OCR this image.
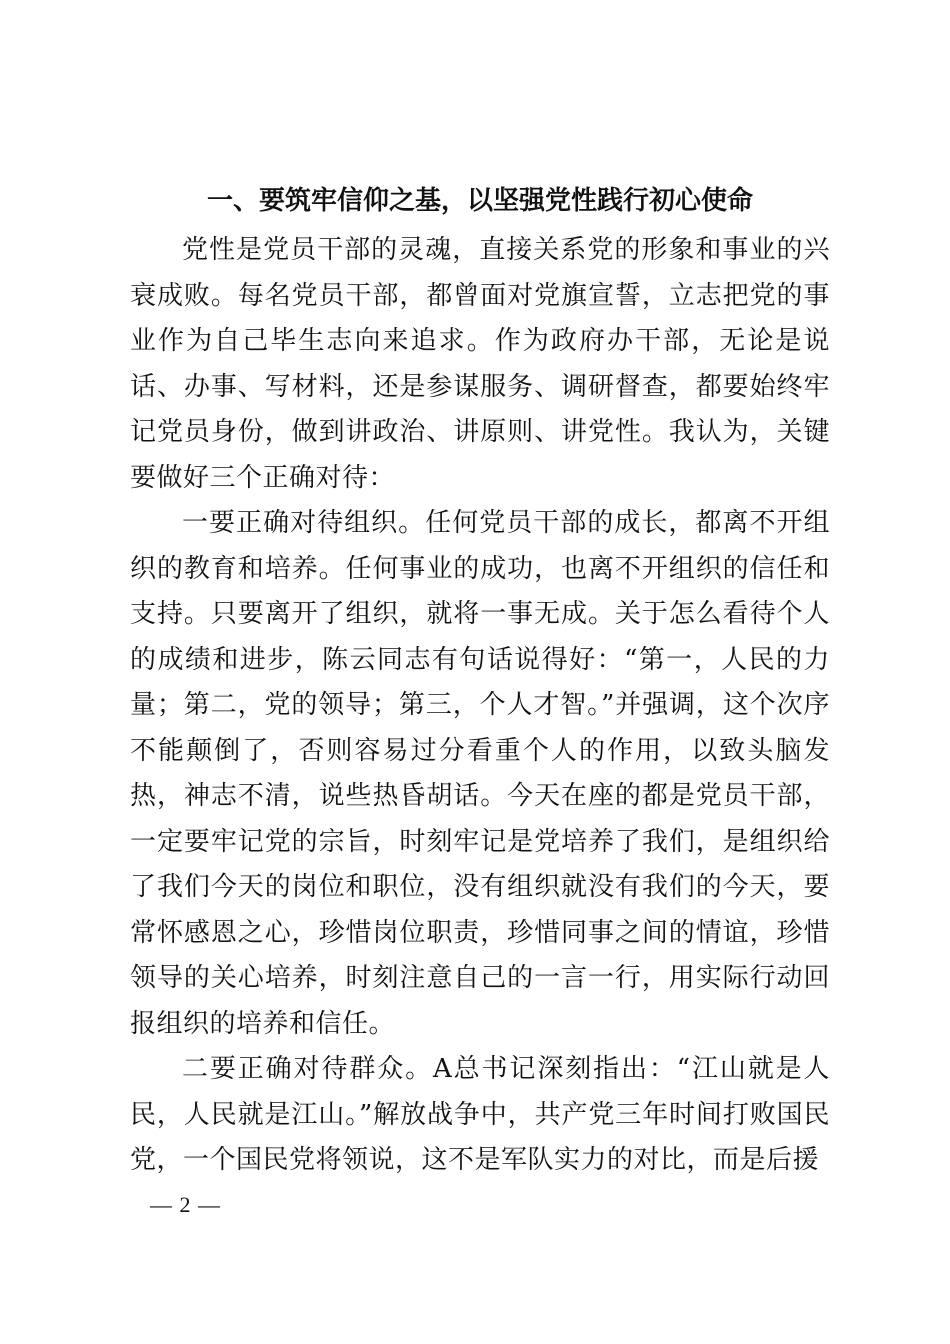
一、要筑牢信仰之基，以坚强党性践行初心使命

党性是党员干部的灵魂，直接关系党的形象和事业的兴衰成败。每名党员干部，都曾面对党旗宣誓，立志把党的事业作为自己毕生志向来追求。作为政府办干部，无论是说话、办事、写材料，还是参谋服务、调研督查，都要始终牢记党员身份，做到讲政治、讲原则、讲党性。我认为，关键要做好三个正确对待：

一要正确对待组织。任何党员干部的成长，都离不开组织的教育和培养。任何事业的成功，也离不开组织的信任和支持。只要离开了组织，就将一事无成。关于怎么看待个人的成绩和进步，陈云同志有句话说得好：“第一，人民的力量；第二，党的领导；第三，个人才智。”并强调，这个次序不能颠倒了，否则容易过分看重个人的作用，以致头脑发热，神志不清，说些热昏胡话。今天在座的都是党员干部，一定要牢记党的宗旨，时刻牢记是党培养了我们，是组织给了我们今天的岗位和职位，没有组织就没有我们的今天，要常怀感恩之心，珍惜岗位职责，珍惜同事之间的情谊，珍惜领导的关心培养，时刻注意自己的一言一行，用实际行动回报组织的培养和信任。

二要正确对待群众。A总书记深刻指出：“江山就是人民，人民就是江山。”解放战争中，共产党三年时间打败国民党，一个国民党将领说，这不是军队实力的对比，而是后援

— 2 —
